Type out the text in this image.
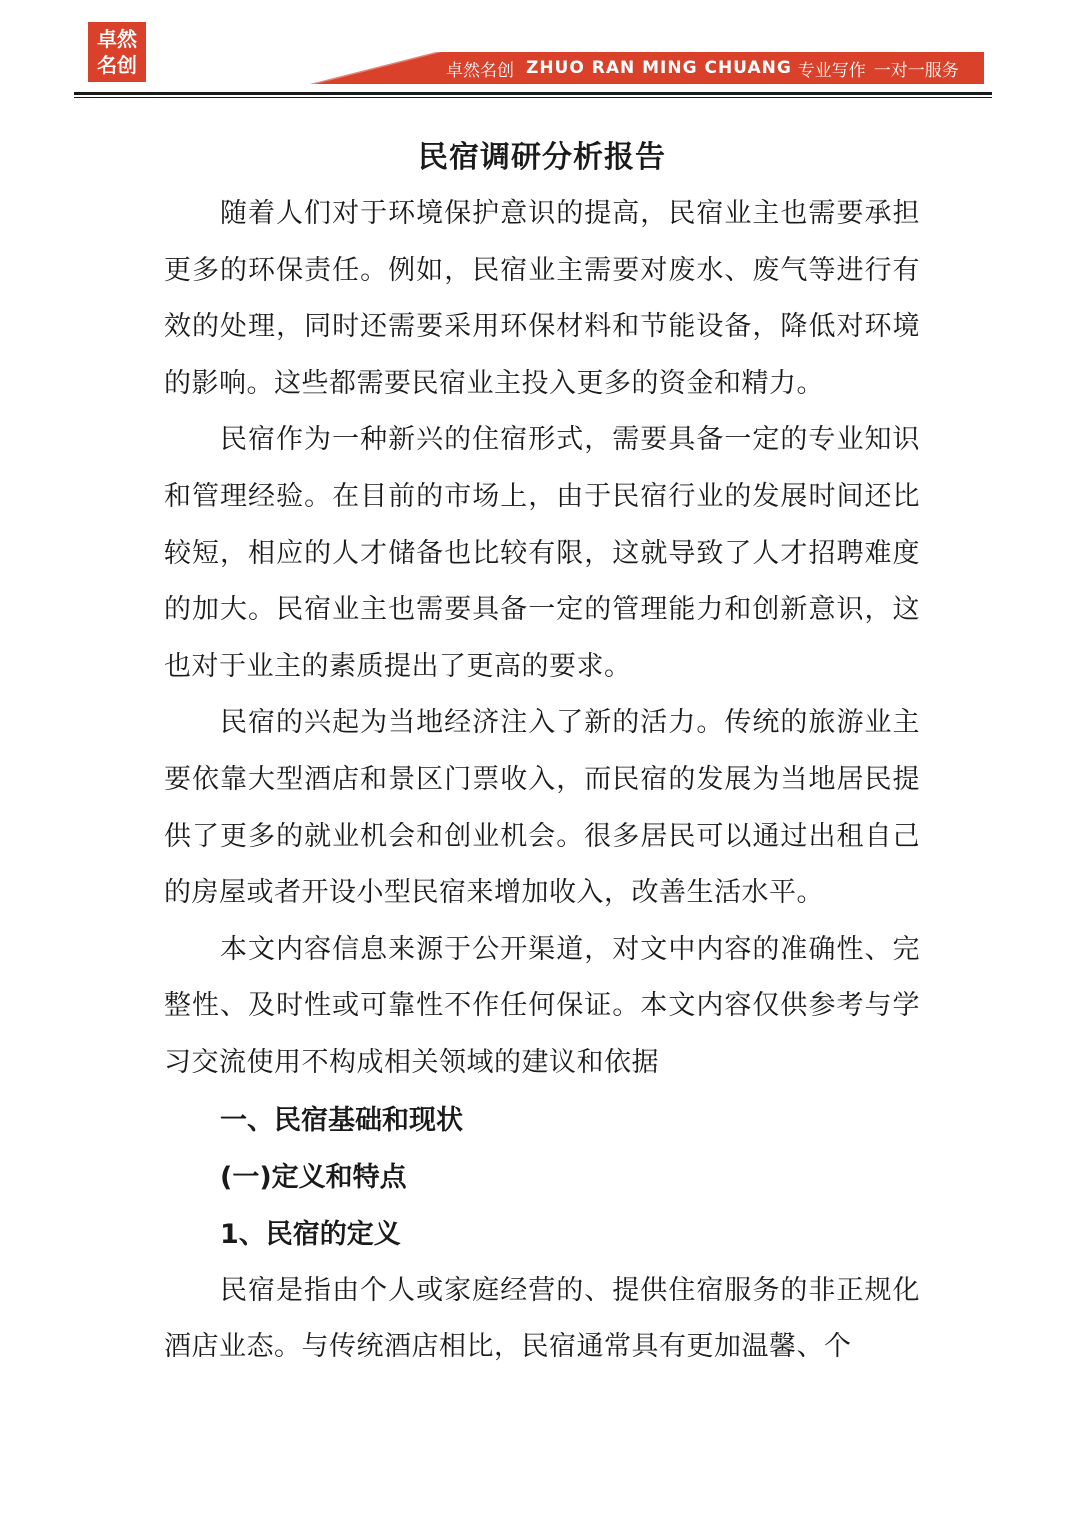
卓然
名创	卓然名创 ZHUO RAN MING CHUANG 专业写作 一对一服务
民宿调研分析报告

随着人们对于环境保护意识的提高，民宿业主也需要承担更多的环保责任。例如，民宿业主需要对废水、废气等进行有效的处理，同时还需要采用环保材料和节能设备，降低对环境的影响。这些都需要民宿业主投入更多的资金和精力。

民宿作为一种新兴的住宿形式，需要具备一定的专业知识和管理经验。在目前的市场上，由于民宿行业的发展时间还比较短，相应的人才储备也比较有限，这就导致了人才招聘难度的加大。民宿业主也需要具备一定的管理能力和创新意识，这也对于业主的素质提出了更高的要求。

民宿的兴起为当地经济注入了新的活力。传统的旅游业主要依靠大型酒店和景区门票收入，而民宿的发展为当地居民提供了更多的就业机会和创业机会。很多居民可以通过出租自己的房屋或者开设小型民宿来增加收入，改善生活水平。

本文内容信息来源于公开渠道，对文中内容的准确性、完整性、及时性或可靠性不作任何保证。本文内容仅供参考与学习交流使用不构成相关领域的建议和依据

一、民宿基础和现状
(一)定义和特点
1、民宿的定义

民宿是指由个人或家庭经营的、提供住宿服务的非正规化酒店业态。与传统酒店相比，民宿通常具有更加温馨、个
